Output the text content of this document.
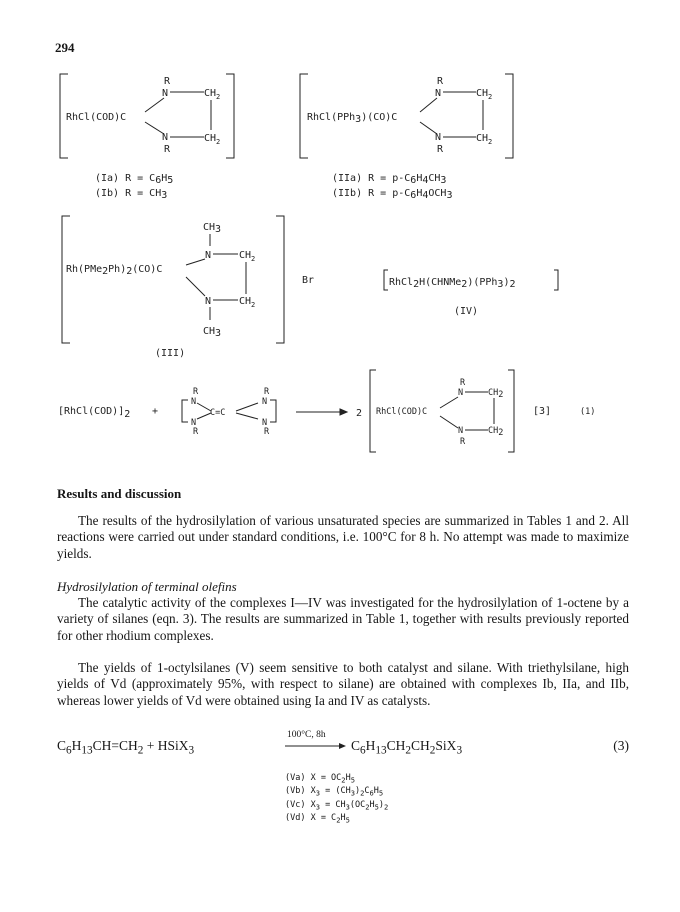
294
RhCl(COD)C
R
N	CH 2
N	CH 2
R
(Ia) R = C6H5
(Ib) R = CH3
RhCl(PPh3)(CO)C
R
N	CH 2
N	CH 2
R
(IIa) R = p-C6H4CH3
(IIb) R = p-C6H4OCH3
Rh(PMe2Ph)2(CO)C
CH3
N	CH 2
N	CH 2
CH3
(III)
Br	RhCl2H(CHNMe2)(PPh3)2
(IV)
[RhCl(COD)]2 +
R
N
N
R
C=C
R
N
N
R
2 RhCl(COD)C
R
N	CH2
N	CH2
R
[3]	(1)
Results and discussion
The results of the hydrosilylation of various unsaturated species are summarized in Tables 1 and 2. All reactions were carried out under standard conditions, i.e. 100°C for 8 h. No attempt was made to maximize yields.
Hydrosilylation of terminal olefins
The catalytic activity of the complexes I—IV was investigated for the hydrosilylation of 1-octene by a variety of silanes (eqn. 3). The results are summarized in Table 1, together with results previously reported for other rhodium complexes.
The yields of 1-octylsilanes (V) seem sensitive to both catalyst and silane. With triethylsilane, high yields of Vd (approximately 95%, with respect to silane) are obtained with complexes Ib, IIa, and IIb, whereas lower yields of Vd were obtained using Ia and IV as catalysts.
$C_6H_{13}CH=CH_2$ + HSiX$_3$
100°C, 8h
$C_6H_{13}CH_2CH_2SiX_3$	(3)
(Va) $X = OC_2H_5$
(Vb) $X_3 = (CH_3)_2C_6H_5$
(Vc) $X_3 = CH_3(OC_2H_5)_2$
(Vd) $X = C_2H_5$
